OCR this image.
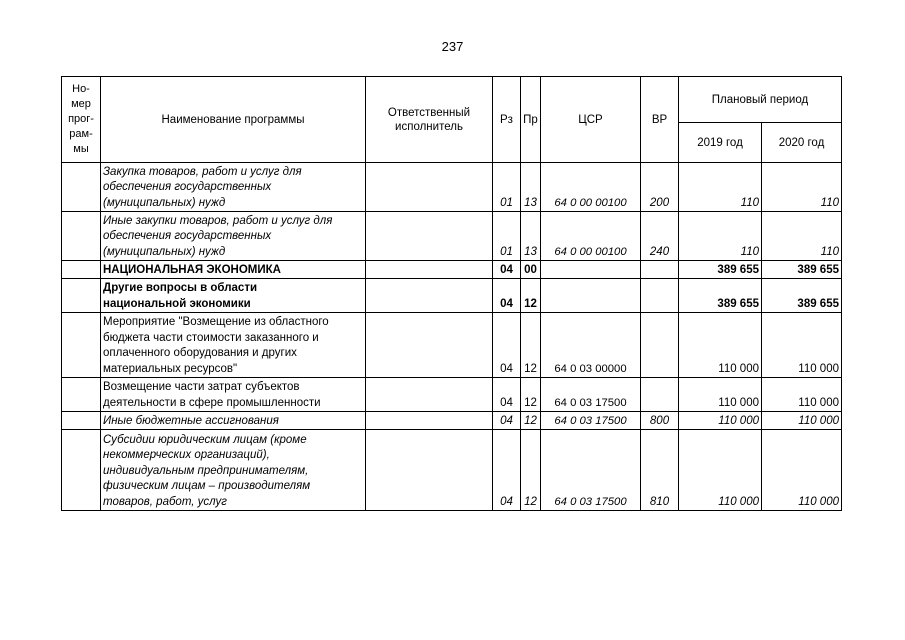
237
Но-мер прог-рам-мы	Наименование программы	Ответственный исполнитель	Рз	Пр	ЦСР	ВР	Плановый период	
							2019 год	2020 год
	Закупка товаров, работ и услуг для обеспечения государственных (муниципальных) нужд		01	13	64 0 00 00100	200	110	110
	Иные закупки товаров, работ и услуг для обеспечения государственных (муниципальных) нужд		01	13	64 0 00 00100	240	110	110
	НАЦИОНАЛЬНАЯ ЭКОНОМИКА		04	00			389 655	389 655

	Другие вопросы в области национальной экономики		04	12			389 655	389 655
	Мероприятие "Возмещение из областного бюджета части стоимости заказанного и оплаченного оборудования и других материальных ресурсов"		04	12	64 0 03 00000		110 000	110 000
	Возмещение части затрат субъектов деятельности в сфере промышленности		04	12	64 0 03 17500		110 000	110 000
	Иные бюджетные ассигнования		04	12	64 0 03 17500	800	110 000	110 000
	Субсидии юридическим лицам (кроме некоммерческих организаций), индивидуальным предпринимателям, физическим лицам – производителям товаров, работ, услуг		04	12	64 0 03 17500	810	110 000	110 000
